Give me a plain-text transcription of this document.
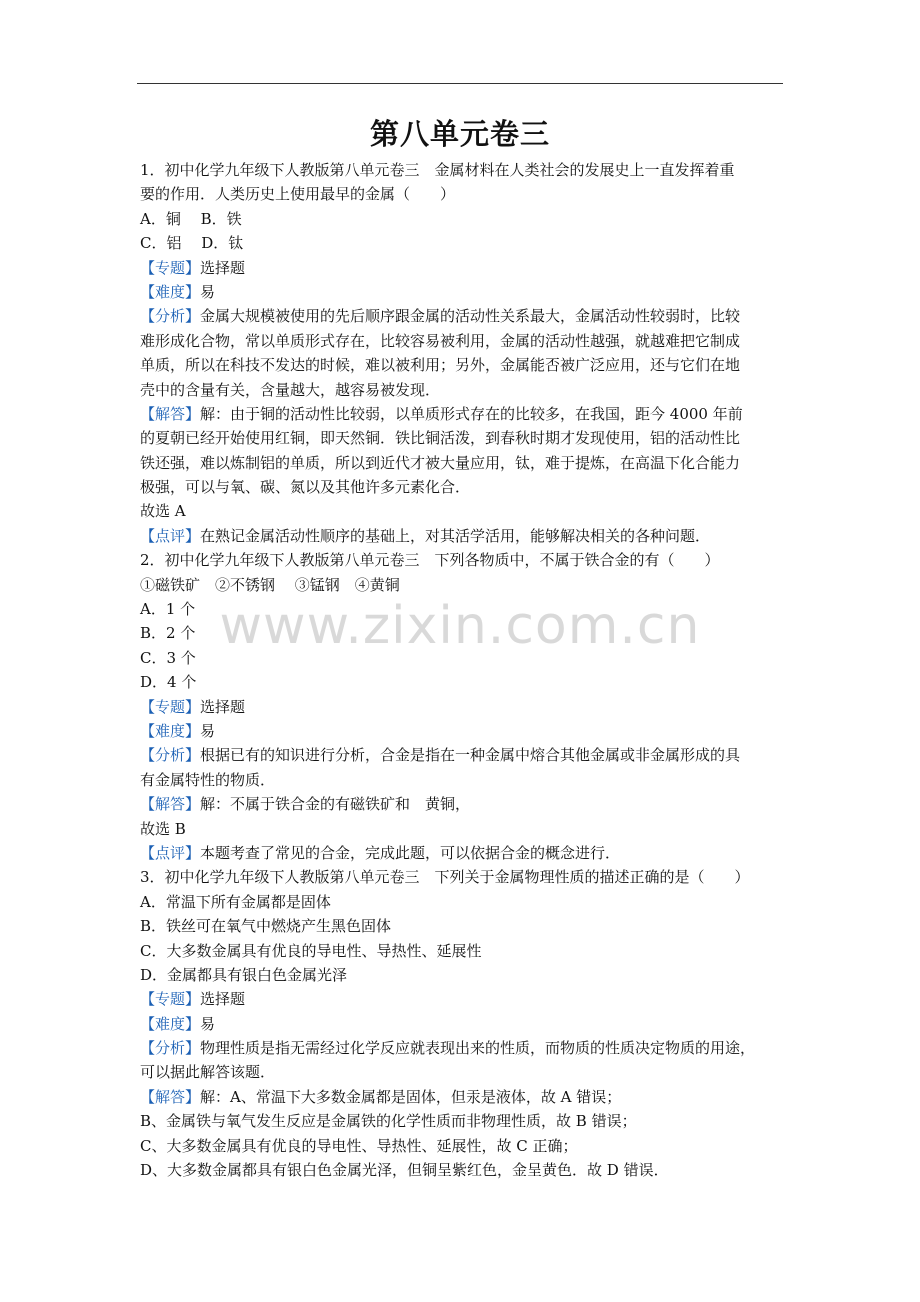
第八单元卷三
1．初中化学九年级下人教版第八单元卷三　金属材料在人类社会的发展史上一直发挥着重
要的作用．人类历史上使用最早的金属（　　）
A．铜　 B．铁
C．铝　 D．钛
【专题】选择题
【难度】易
【分析】金属大规模被使用的先后顺序跟金属的活动性关系最大，金属活动性较弱时，比较
难形成化合物，常以单质形式存在，比较容易被利用，金属的活动性越强，就越难把它制成
单质，所以在科技不发达的时候，难以被利用；另外，金属能否被广泛应用，还与它们在地
壳中的含量有关，含量越大，越容易被发现．
【解答】解：由于铜的活动性比较弱，以单质形式存在的比较多，在我国，距今 4000 年前
的夏朝已经开始使用红铜，即天然铜．铁比铜活泼，到春秋时期才发现使用，铝的活动性比
铁还强，难以炼制铝的单质，所以到近代才被大量应用，钛，难于提炼，在高温下化合能力
极强，可以与氧、碳、氮以及其他许多元素化合．
故选 A
【点评】在熟记金属活动性顺序的基础上，对其活学活用，能够解决相关的各种问题．
2．初中化学九年级下人教版第八单元卷三　下列各物质中，不属于铁合金的有（　　）
①磁铁矿　②不锈钢　 ③锰钢　④黄铜
A．1 个
B．2 个
C．3 个
D．4 个
【专题】选择题
【难度】易
【分析】根据已有的知识进行分析，合金是指在一种金属中熔合其他金属或非金属形成的具
有金属特性的物质．
【解答】解：不属于铁合金的有磁铁矿和　黄铜，
故选 B
【点评】本题考查了常见的合金，完成此题，可以依据合金的概念进行．
3．初中化学九年级下人教版第八单元卷三　下列关于金属物理性质的描述正确的是（　　）
A．常温下所有金属都是固体
B．铁丝可在氧气中燃烧产生黑色固体
C．大多数金属具有优良的导电性、导热性、延展性
D．金属都具有银白色金属光泽
【专题】选择题
【难度】易
【分析】物理性质是指无需经过化学反应就表现出来的性质，而物质的性质决定物质的用途，
可以据此解答该题．
【解答】解：A、常温下大多数金属都是固体，但汞是液体，故 A 错误；
B、金属铁与氧气发生反应是金属铁的化学性质而非物理性质，故 B 错误；
C、大多数金属具有优良的导电性、导热性、延展性，故 C 正确；
D、大多数金属都具有银白色金属光泽，但铜呈紫红色，金呈黄色．故 D 错误．
www.zixin.com.cn
